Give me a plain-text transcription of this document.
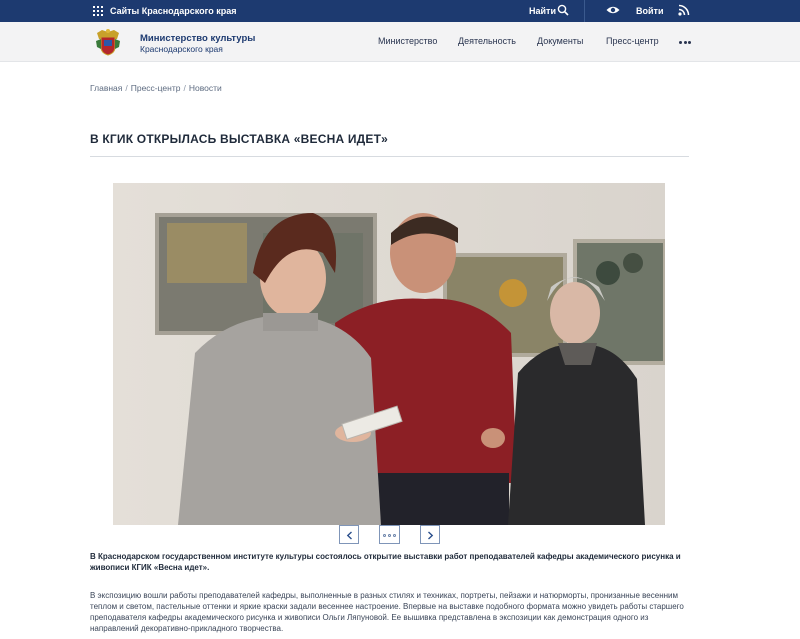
Сайты Краснодарского края	Найти	Войти
Министерство культуры
Краснодарского края
Министерство Деятельность Документы	Пресс-центр
Главная / Пресс-центр / Новости
В КГИК ОТКРЫЛАСЬ ВЫСТАВКА «ВЕСНА ИДЕТ»

В Краснодарском государственном институте культуры состоялось открытие выставки работ преподавателей кафедры академического рисунка и живописи КГИК «Весна идет».

В экспозицию вошли работы преподавателей кафедры, выполненные в разных стилях и техниках, портреты, пейзажи и натюрморты, пронизанные весенним теплом и светом, пастельные оттенки и яркие краски задали весеннее настроение. Впервые на выставке подобного формата можно увидеть работы старшего преподавателя кафедры академического рисунка и живописи Ольги Ляпуновой. Ее вышивка представлена в экспозиции как демонстрация одного из направлений декоративно-прикладного творчества.
